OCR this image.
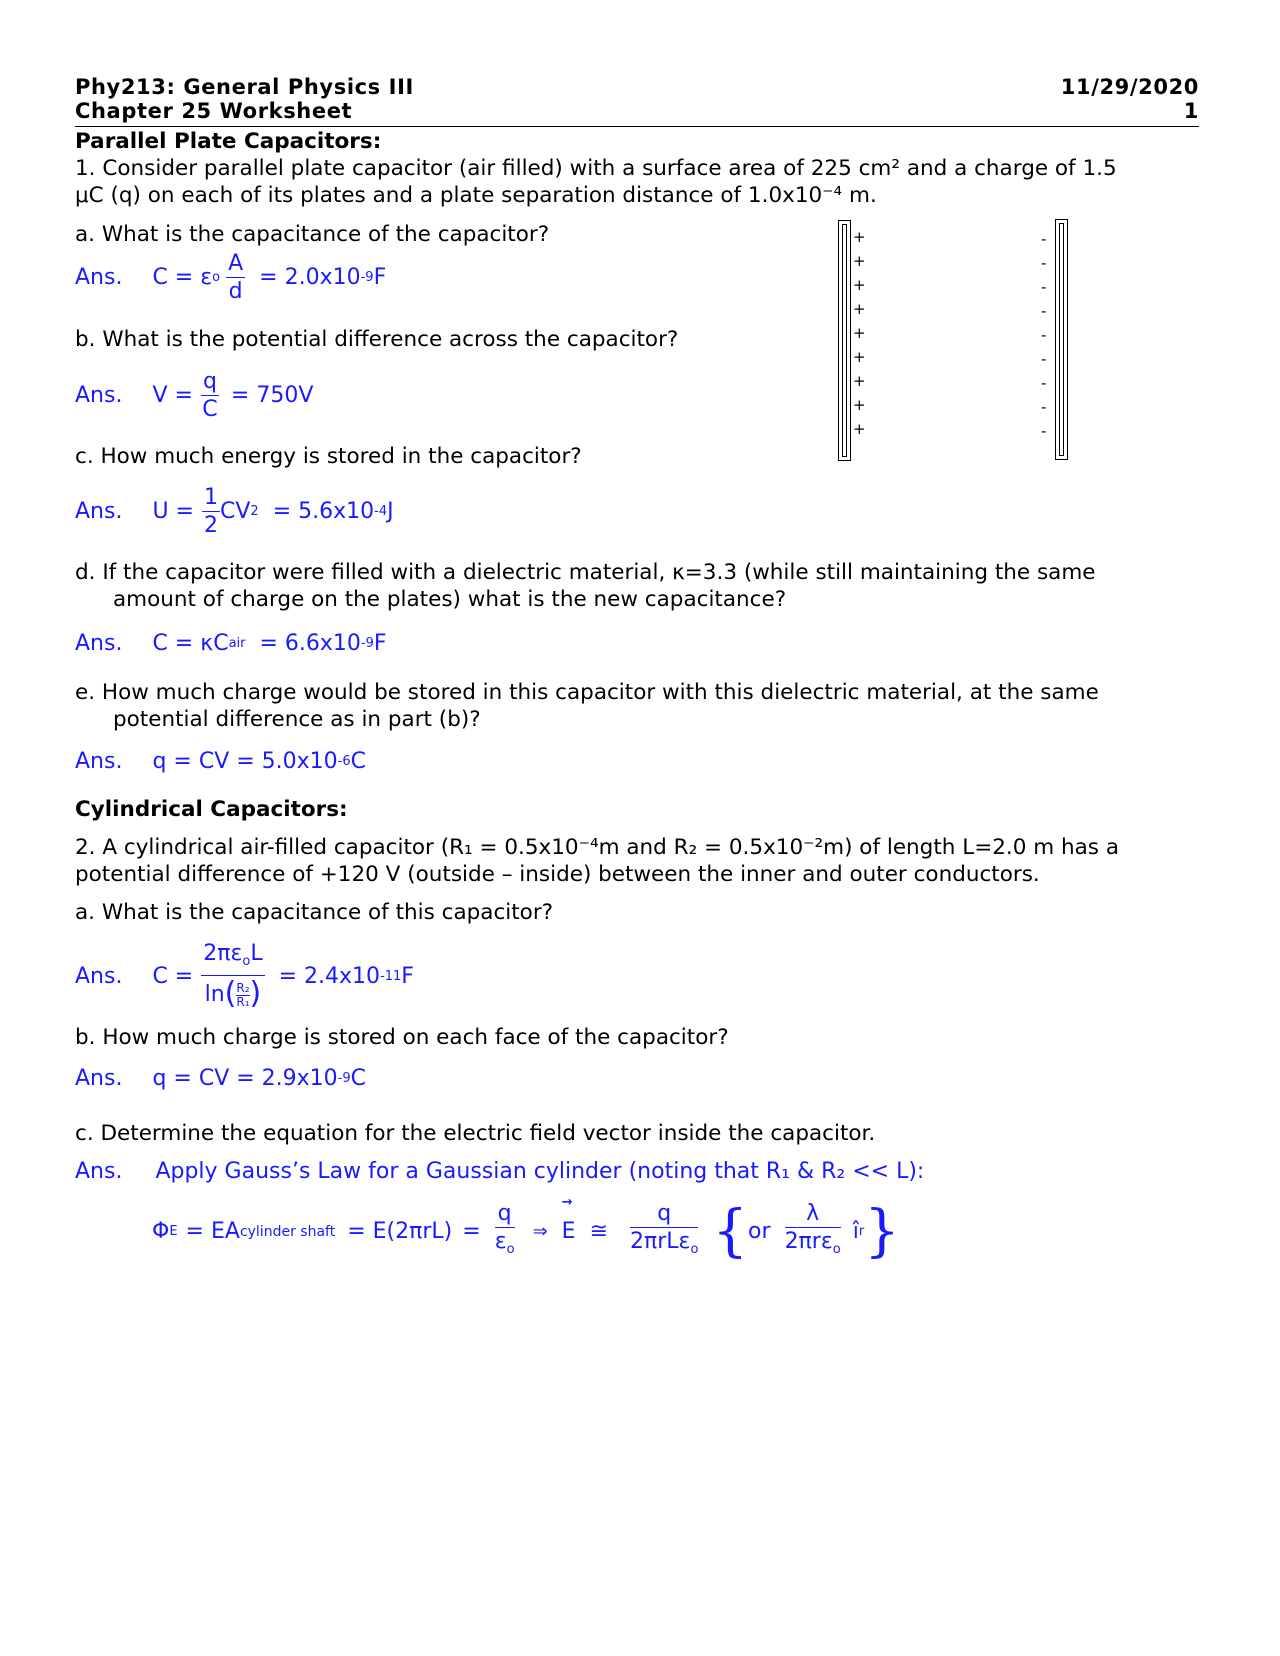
Phy213: General Physics III
Chapter 25 Worksheet
11/29/2020
1
Parallel Plate Capacitors:
1. Consider parallel plate capacitor (air filled) with a surface area of 225 cm² and a charge of 1.5
μC (q) on each of its plates and a plate separation distance of 1.0x10⁻⁴ m.
a. What is the capacitance of the capacitor?
Ans. C = ε o $\frac{A}{d} = 2.0x10$ -9 F
b. What is the potential difference across the capacitor?
Ans. $V = \frac{q}{C} = 750V$
c. How much energy is stored in the capacitor?
Ans. $U = \frac{1}{2}$ CV 2 = 5.6x10 -4 J
d. If the capacitor were filled with a dielectric material, κ=3.3 (while still maintaining the same
amount of charge on the plates) what is the new capacitance?
Ans. C = κC air = 6.6x10 -9 F
e. How much charge would be stored in this capacitor with this dielectric material, at the same
potential difference as in part (b)?
Ans. q = CV = 5.0x10 -6 C
+
+
+
+
+
+
+
+
+
-
-
-
-
-
-
-
-
-
Cylindrical Capacitors:
2. A cylindrical air-filled capacitor (R₁ = 0.5x10⁻⁴m and R₂ = 0.5x10⁻²m) of length L=2.0 m has a
potential difference of +120 V (outside – inside) between the inner and outer conductors.
a. What is the capacitance of this capacitor?
Ans. $C = \frac{2\pi\varepsilon_oL}{\ln( \frac{\text{R₂}}{\text{R₁}} )} = 2.4x10$ -11 F
b. How much charge is stored on each face of the capacitor?
Ans. q = CV = 2.9x10 -9 C
c. Determine the equation for the electric field vector inside the capacitor.
Ans. Apply Gauss’s Law for a Gaussian cylinder (noting that R₁ & R₂ << L):
Φ E = EA cylinder shaft = $E(2\pi rL) = \frac{q}{\varepsilon_o}$ ⇒
→
E ≅ $\frac{q}{2\pi rL\varepsilon_o}$ { or $\frac{\lambda}{2\pi r\varepsilon_o}$ î r }
